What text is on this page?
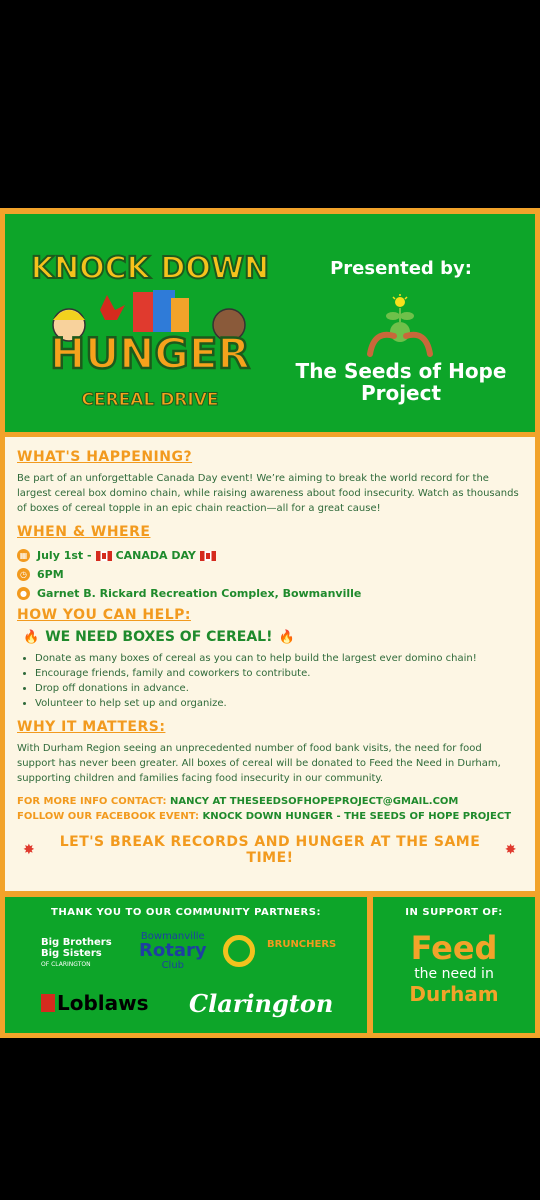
KNOCK DOWN
HUNGER
CEREAL DRIVE
Presented by:
The Seeds of Hope Project
WHAT'S HAPPENING?
Be part of an unforgettable Canada Day event! We’re aiming to break the world record for the largest cereal box domino chain, while raising awareness about food insecurity. Watch as thousands of boxes of cereal topple in an epic chain reaction—all for a great cause!
WHEN & WHERE
▦ July 1st - CANADA DAY
◷ 6PM
● Garnet B. Rickard Recreation Complex, Bowmanville
HOW YOU CAN HELP:
🔥 WE NEED BOXES OF CEREAL! 🔥
• Donate as many boxes of cereal as you can to help build the largest ever domino chain!
• Encourage friends, family and coworkers to contribute.
• Drop off donations in advance.
• Volunteer to help set up and organize.
WHY IT MATTERS:
With Durham Region seeing an unprecedented number of food bank visits, the need for food support has never been greater. All boxes of cereal will be donated to Feed the Need in Durham, supporting children and families facing food insecurity in our community.
FOR MORE INFO CONTACT: NANCY AT THESEEDSOFHOPEPROJECT@GMAIL.COM
FOLLOW OUR FACEBOOK EVENT: KNOCK DOWN HUNGER - THE SEEDS OF HOPE PROJECT
✸	LET'S BREAK RECORDS AND HUNGER AT THE SAME TIME!	✸
THANK YOU TO OUR COMMUNITY PARTNERS:
Big Brothers
Big Sisters
OF CLARINGTON
Bowmanville
Rotary
Club
BRUNCHERS
Loblaws Clarington
IN SUPPORT OF:
Feed
the need in
Durham
